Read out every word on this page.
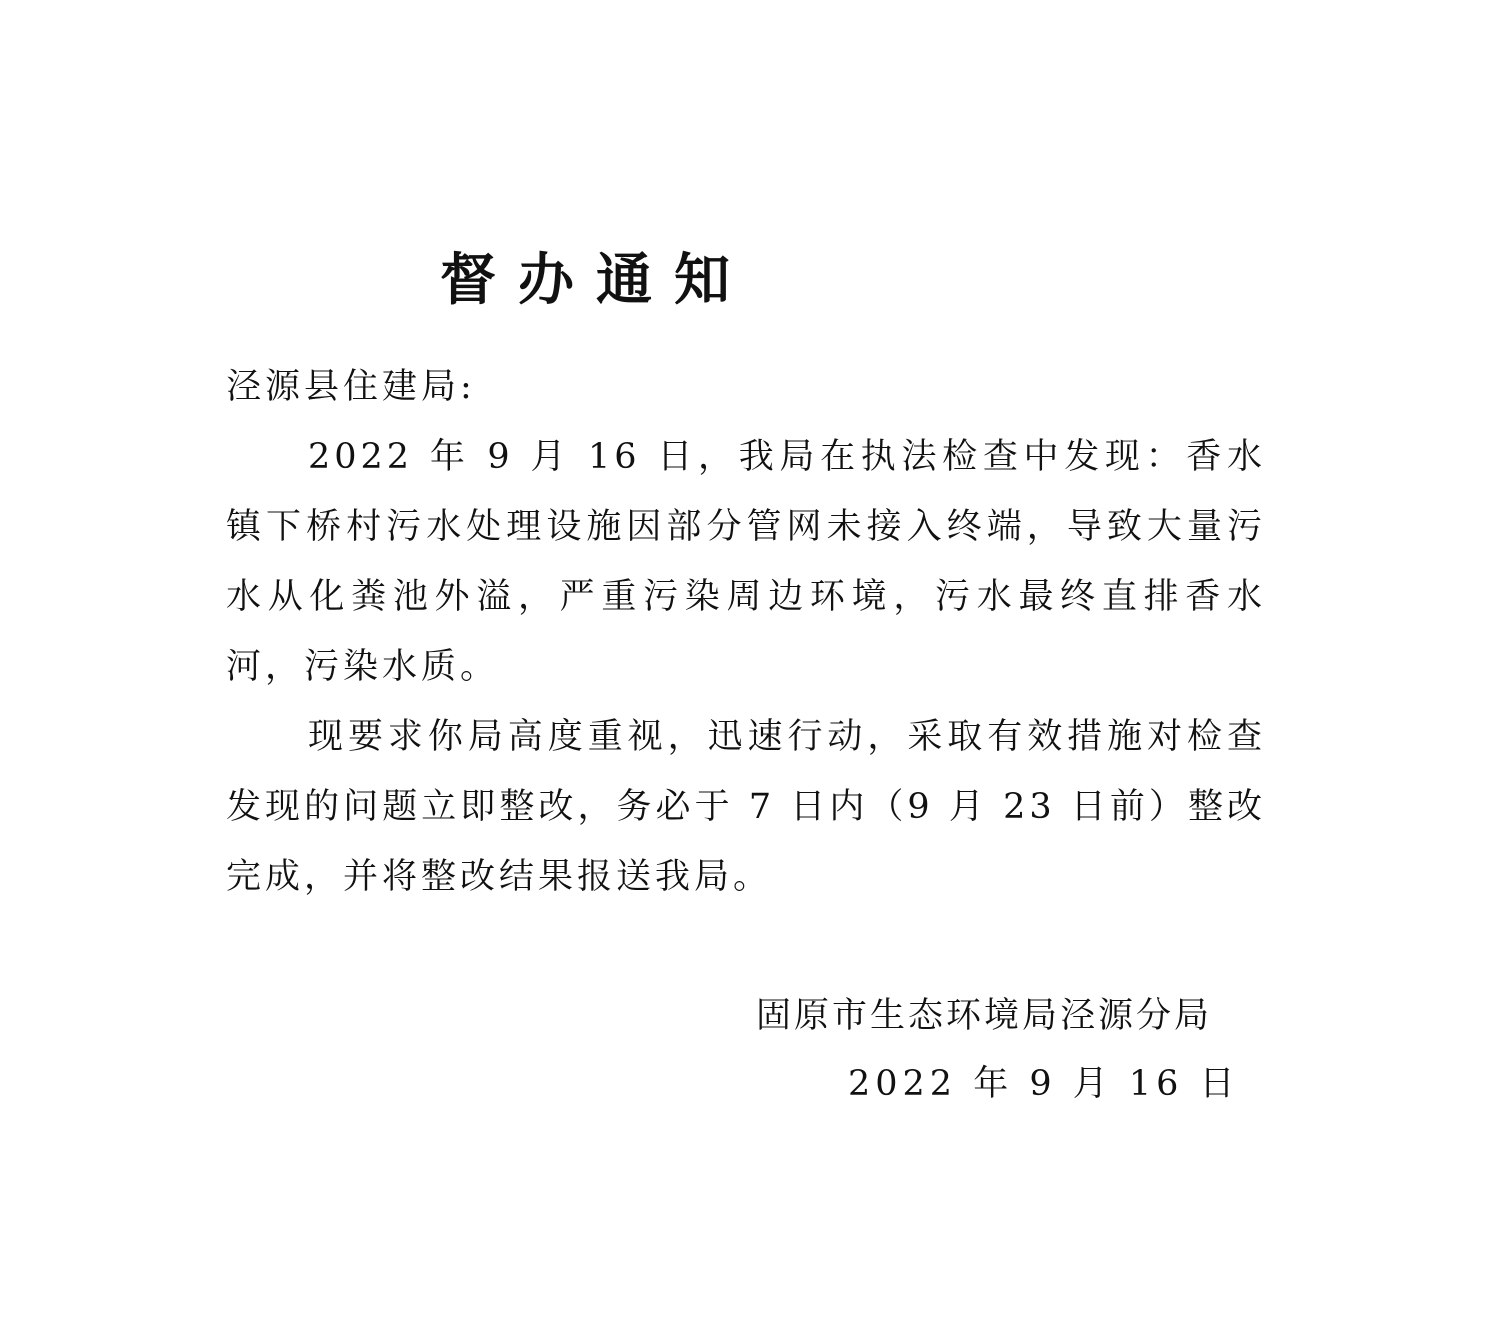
督办通知

泾源县住建局:

2022 年 9 月 16 日，我局在执法检查中发现：香水镇下桥村污水处理设施因部分管网未接入终端，导致大量污水从化粪池外溢，严重污染周边环境，污水最终直排香水河，污染水质。

现要求你局高度重视，迅速行动，采取有效措施对检查发现的问题立即整改，务必于 7 日内（9 月 23 日前）整改完成，并将整改结果报送我局。

固原市生态环境局泾源分局
2022 年 9 月 16 日
